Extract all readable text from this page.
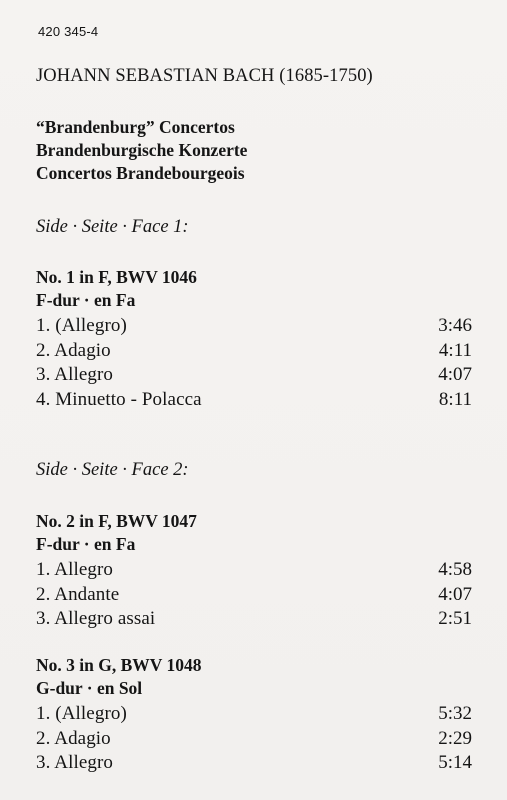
420 345-4
JOHANN SEBASTIAN BACH (1685-1750)
“Brandenburg” Concertos
Brandenburgische Konzerte
Concertos Brandebourgeois
Side · Seite · Face 1:
No. 1 in F, BWV 1046
F-dur · en Fa
1. (Allegro)	3:46
2. Adagio	4:11
3. Allegro	4:07
4. Minuetto - Polacca	8:11
Side · Seite · Face 2:
No. 2 in F, BWV 1047
F-dur · en Fa
1. Allegro	4:58
2. Andante	4:07
3. Allegro assai	2:51
No. 3 in G, BWV 1048
G-dur · en Sol
1. (Allegro)	5:32
2. Adagio	2:29
3. Allegro	5:14
